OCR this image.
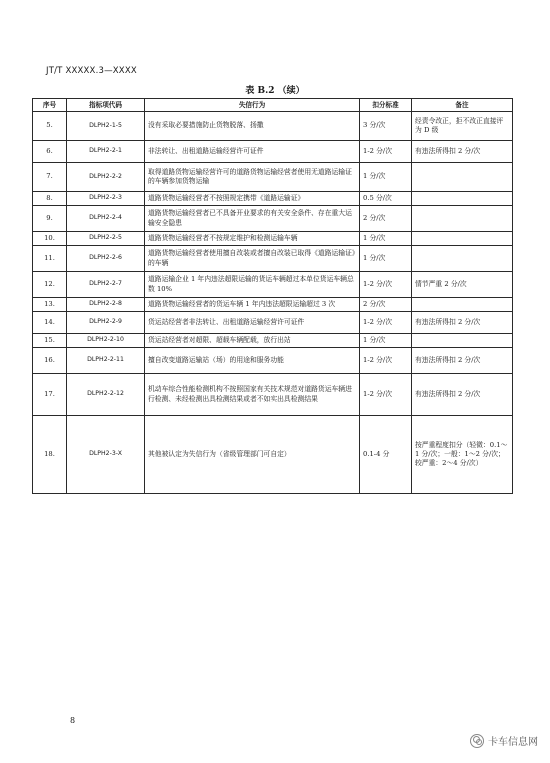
JT/T XXXXX.3—XXXX
表 B.2 （续）
序号	指标项代码	失信行为	扣分标准	备注
5.	DLPH2-1-5	没有采取必要措施防止货物脱落、扬撒	3 分/次	经责令改正，拒不改正直接评为 D 级
6.	DLPH2-2-1	非法转让、出租道路运输经营许可证件	1-2 分/次	有违法所得扣 2 分/次
7.	DLPH2-2-2	取得道路货物运输经营许可的道路货物运输经营者使用无道路运输证的车辆参加货物运输	1 分/次	
8.	DLPH2-2-3	道路货物运输经营者不按照规定携带《道路运输证》	0.5 分/次	
9.	DLPH2-2-4	道路货物运输经营者已不具备开业要求的有关安全条件、存在重大运输安全隐患	2 分/次	
10.	DLPH2-2-5	道路货物运输经营者不按规定维护和检测运输车辆	1 分/次	
11.	DLPH2-2-6	道路货物运输经营者使用擅自改装或者擅自改装已取得《道路运输证》的车辆	1 分/次	
12.	DLPH2-2-7	道路运输企业 1 年内违法超限运输的货运车辆超过本单位货运车辆总数 10%	1-2 分/次	情节严重 2 分/次
13.	DLPH2-2-8	道路货物运输经营者的货运车辆 1 年内违法超限运输超过 3 次	2 分/次	
14.	DLPH2-2-9	货运站经营者非法转让、出租道路运输经营许可证件	1-2 分/次	有违法所得扣 2 分/次
15.	DLPH2-2-10	货运站经营者对超限、超载车辆配载，放行出站	1 分/次	
16.	DLPH2-2-11	擅自改变道路运输站（场）的用途和服务功能	1-2 分/次	有违法所得扣 2 分/次
17.	DLPH2-2-12	机动车综合性能检测机构不按照国家有关技术规范对道路货运车辆进行检测、未经检测出具检测结果或者不如实出具检测结果	1-2 分/次	有违法所得扣 2 分/次
18.	DLPH2-3-X	其他被认定为失信行为（省级管理部门可自定）	0.1-4 分	按严重程度扣分（轻微：0.1～1 分/次；一般：1～2 分/次；较严重：2～4 分/次）
8
卡车信息网
